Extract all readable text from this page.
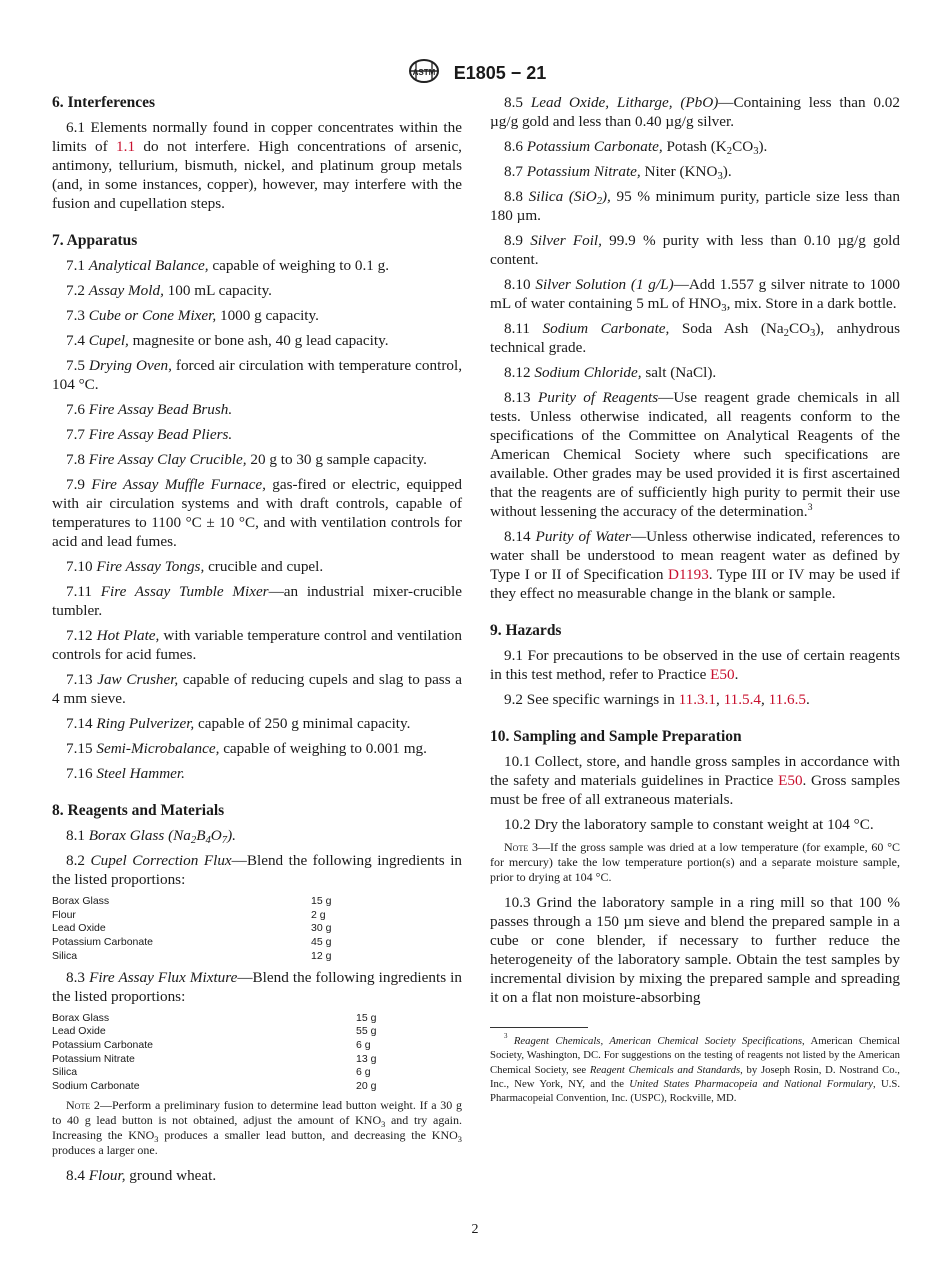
ASTM E1805 − 21
6. Interferences

6.1 Elements normally found in copper concentrates within the limits of 1.1 do not interfere. High concentrations of arsenic, antimony, tellurium, bismuth, nickel, and platinum group metals (and, in some instances, copper), however, may interfere with the fusion and cupellation steps.

7. Apparatus

7.1 Analytical Balance, capable of weighing to 0.1 g.

7.2 Assay Mold, 100 mL capacity.

7.3 Cube or Cone Mixer, 1000 g capacity.

7.4 Cupel, magnesite or bone ash, 40 g lead capacity.

7.5 Drying Oven, forced air circulation with temperature control, 104 °C.

7.6 Fire Assay Bead Brush.

7.7 Fire Assay Bead Pliers.

7.8 Fire Assay Clay Crucible, 20 g to 30 g sample capacity.

7.9 Fire Assay Muffle Furnace, gas-fired or electric, equipped with air circulation systems and with draft controls, capable of temperatures to 1100 °C ± 10 °C, and with ventilation controls for acid and lead fumes.

7.10 Fire Assay Tongs, crucible and cupel.

7.11 Fire Assay Tumble Mixer—an industrial mixer-crucible tumbler.

7.12 Hot Plate, with variable temperature control and ventilation controls for acid fumes.

7.13 Jaw Crusher, capable of reducing cupels and slag to pass a 4 mm sieve.

7.14 Ring Pulverizer, capable of 250 g minimal capacity.

7.15 Semi-Microbalance, capable of weighing to 0.001 mg.

7.16 Steel Hammer.

8. Reagents and Materials

8.1 Borax Glass $(Na_2B_4O_7)$.

8.2 Cupel Correction Flux—Blend the following ingredients in the listed proportions:

Borax Glass	15 g
Flour	2 g
Lead Oxide	30 g
Potassium Carbonate	45 g
Silica	12 g

8.3 Fire Assay Flux Mixture—Blend the following ingredients in the listed proportions:

Borax Glass	15 g
Lead Oxide	55 g
Potassium Carbonate	6 g
Potassium Nitrate	13 g
Silica	6 g
Sodium Carbonate	20 g
Note 2—Perform a preliminary fusion to determine lead button weight. If a 30 g to 40 g lead button is not obtained, adjust the amount of $KNO_3$ and try again. Increasing the $KNO_3$ produces a smaller lead button, and decreasing the $KNO_3$ produces a larger one.

8.4 Flour, ground wheat.

8.5 Lead Oxide, Litharge, (PbO)—Containing less than 0.02 µg/g gold and less than 0.40 µg/g silver.

8.6 Potassium Carbonate, Potash $(K_2CO_3)$.

8.7 Potassium Nitrate, Niter $(KNO_3)$.

8.8 Silica (SiO$_2$), 95 % minimum purity, particle size less than 180 µm.

8.9 Silver Foil, 99.9 % purity with less than 0.10 µg/g gold content.

8.10 Silver Solution (1 g/L)—Add 1.557 g silver nitrate to 1000 mL of water containing 5 mL of $HNO_3$, mix. Store in a dark bottle.

8.11 Sodium Carbonate, Soda Ash $(Na_2CO_3)$, anhydrous technical grade.

8.12 Sodium Chloride, salt (NaCl).

8.13 Purity of Reagents—Use reagent grade chemicals in all tests. Unless otherwise indicated, all reagents conform to the specifications of the Committee on Analytical Reagents of the American Chemical Society where such specifications are available. Other grades may be used provided it is first ascertained that the reagents are of sufficiently high purity to permit their use without lessening the accuracy of the determination.$^3$

8.14 Purity of Water—Unless otherwise indicated, references to water shall be understood to mean reagent water as defined by Type I or II of Specification D1193. Type III or IV may be used if they effect no measurable change in the blank or sample.

9. Hazards

9.1 For precautions to be observed in the use of certain reagents in this test method, refer to Practice E50.

9.2 See specific warnings in 11.3.1, 11.5.4, 11.6.5.

10. Sampling and Sample Preparation

10.1 Collect, store, and handle gross samples in accordance with the safety and materials guidelines in Practice E50. Gross samples must be free of all extraneous materials.

10.2 Dry the laboratory sample to constant weight at 104 °C.

Note 3—If the gross sample was dried at a low temperature (for example, 60 °C for mercury) take the low temperature portion(s) and a separate moisture sample, prior to drying at 104 °C.

10.3 Grind the laboratory sample in a ring mill so that 100 % passes through a 150 µm sieve and blend the prepared sample in a cube or cone blender, if necessary to further reduce the heterogeneity of the laboratory sample. Obtain the test samples by incremental division by mixing the prepared sample and spreading it on a flat non moisture-absorbing

$^3$ Reagent Chemicals, American Chemical Society Specifications, American Chemical Society, Washington, DC. For suggestions on the testing of reagents not listed by the American Chemical Society, see Reagent Chemicals and Standards, by Joseph Rosin, D. Nostrand Co., Inc., New York, NY, and the United States Pharmacopeia and National Formulary, U.S. Pharmacopeial Convention, Inc. (USPC), Rockville, MD.
2
